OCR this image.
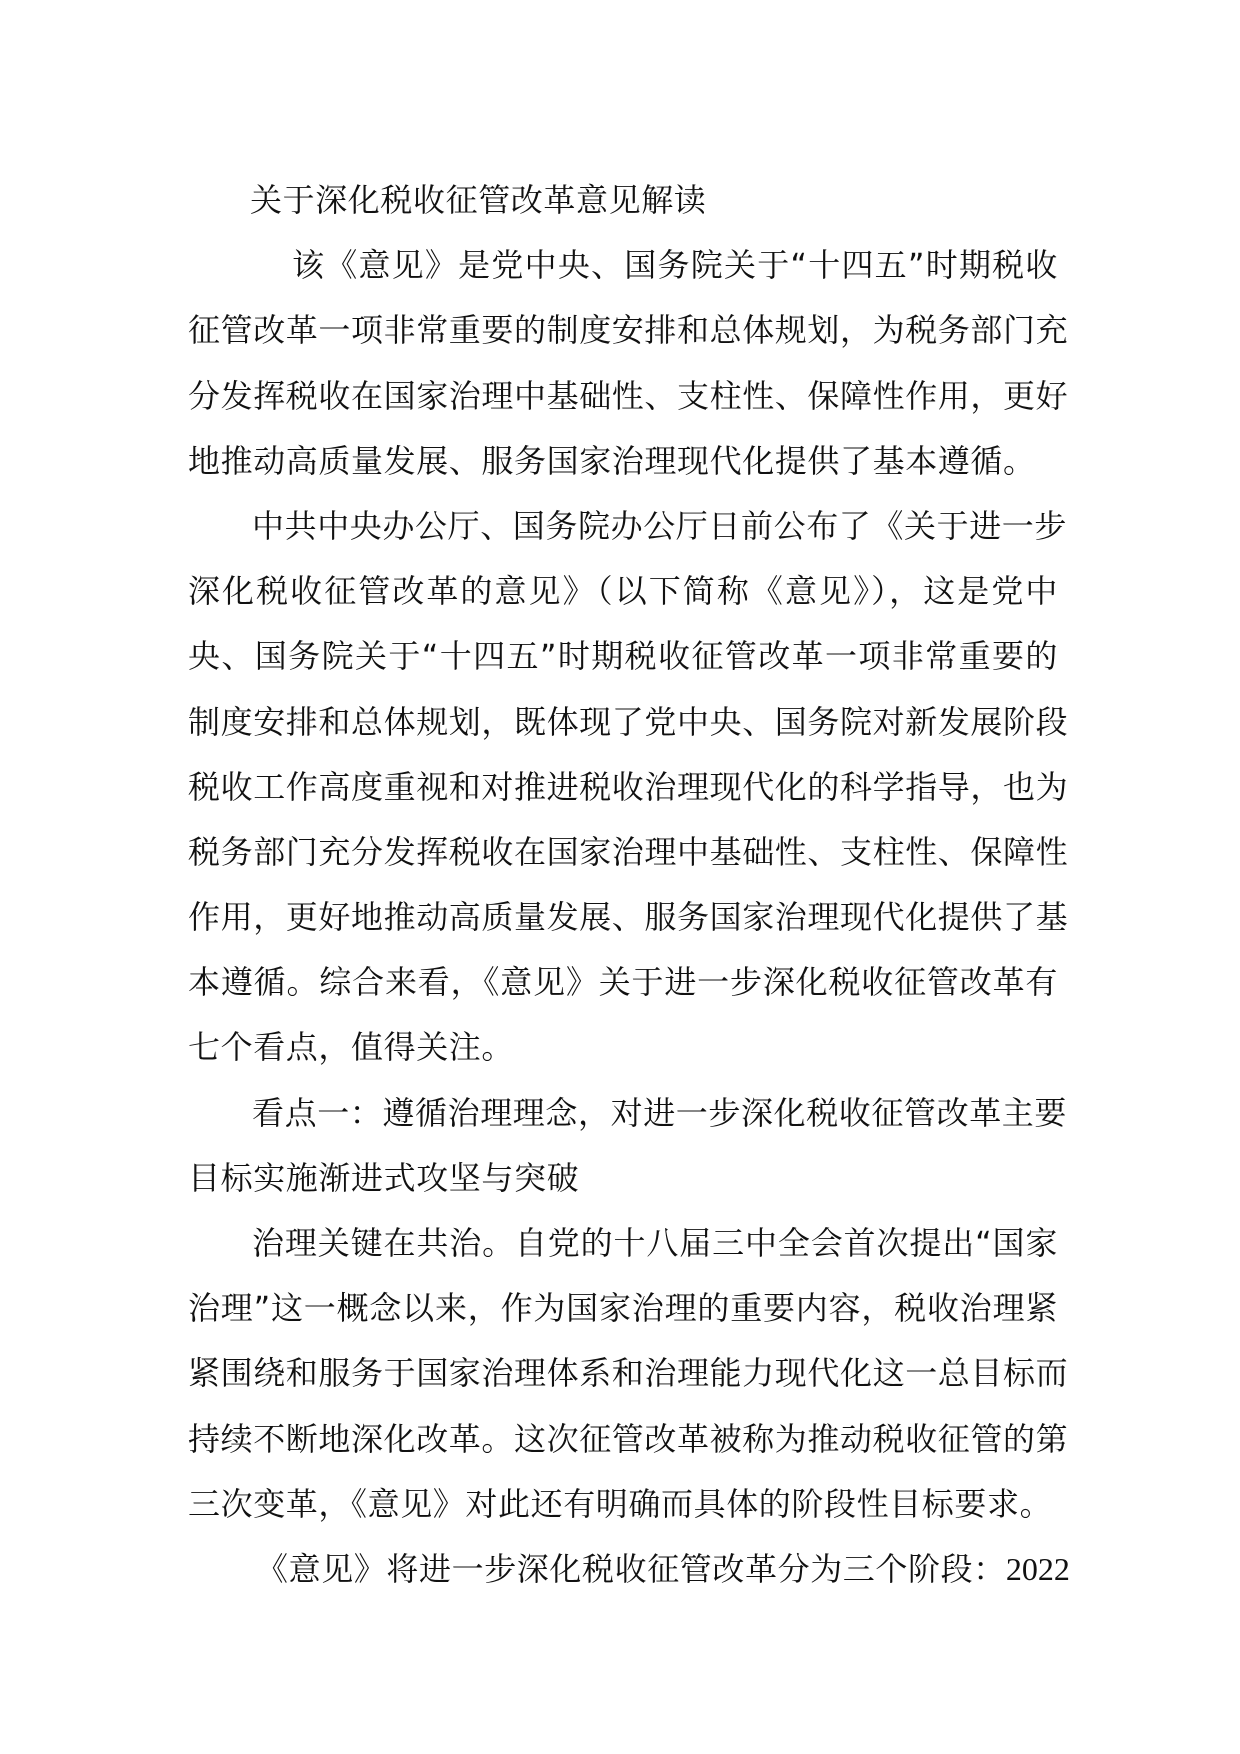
关于深化税收征管改革意见解读
该《意见》是党中央、国务院关于“十四五”时期税收
征管改革一项非常重要的制度安排和总体规划，为税务部门充
分发挥税收在国家治理中基础性、支柱性、保障性作用，更好
地推动高质量发展、服务国家治理现代化提供了基本遵循。
中共中央办公厅、国务院办公厅日前公布了《关于进一步
深化税收征管改革的意见》（以下简称《意见》），这是党中
央、国务院关于“十四五”时期税收征管改革一项非常重要的
制度安排和总体规划，既体现了党中央、国务院对新发展阶段
税收工作高度重视和对推进税收治理现代化的科学指导，也为
税务部门充分发挥税收在国家治理中基础性、支柱性、保障性
作用，更好地推动高质量发展、服务国家治理现代化提供了基
本遵循。综合来看，《意见》关于进一步深化税收征管改革有
七个看点，值得关注。
看点一：遵循治理理念，对进一步深化税收征管改革主要
目标实施渐进式攻坚与突破
治理关键在共治。自党的十八届三中全会首次提出“国家
治理”这一概念以来，作为国家治理的重要内容，税收治理紧
紧围绕和服务于国家治理体系和治理能力现代化这一总目标而
持续不断地深化改革。这次征管改革被称为推动税收征管的第
三次变革，《意见》对此还有明确而具体的阶段性目标要求。
《意见》将进一步深化税收征管改革分为三个阶段：2022
